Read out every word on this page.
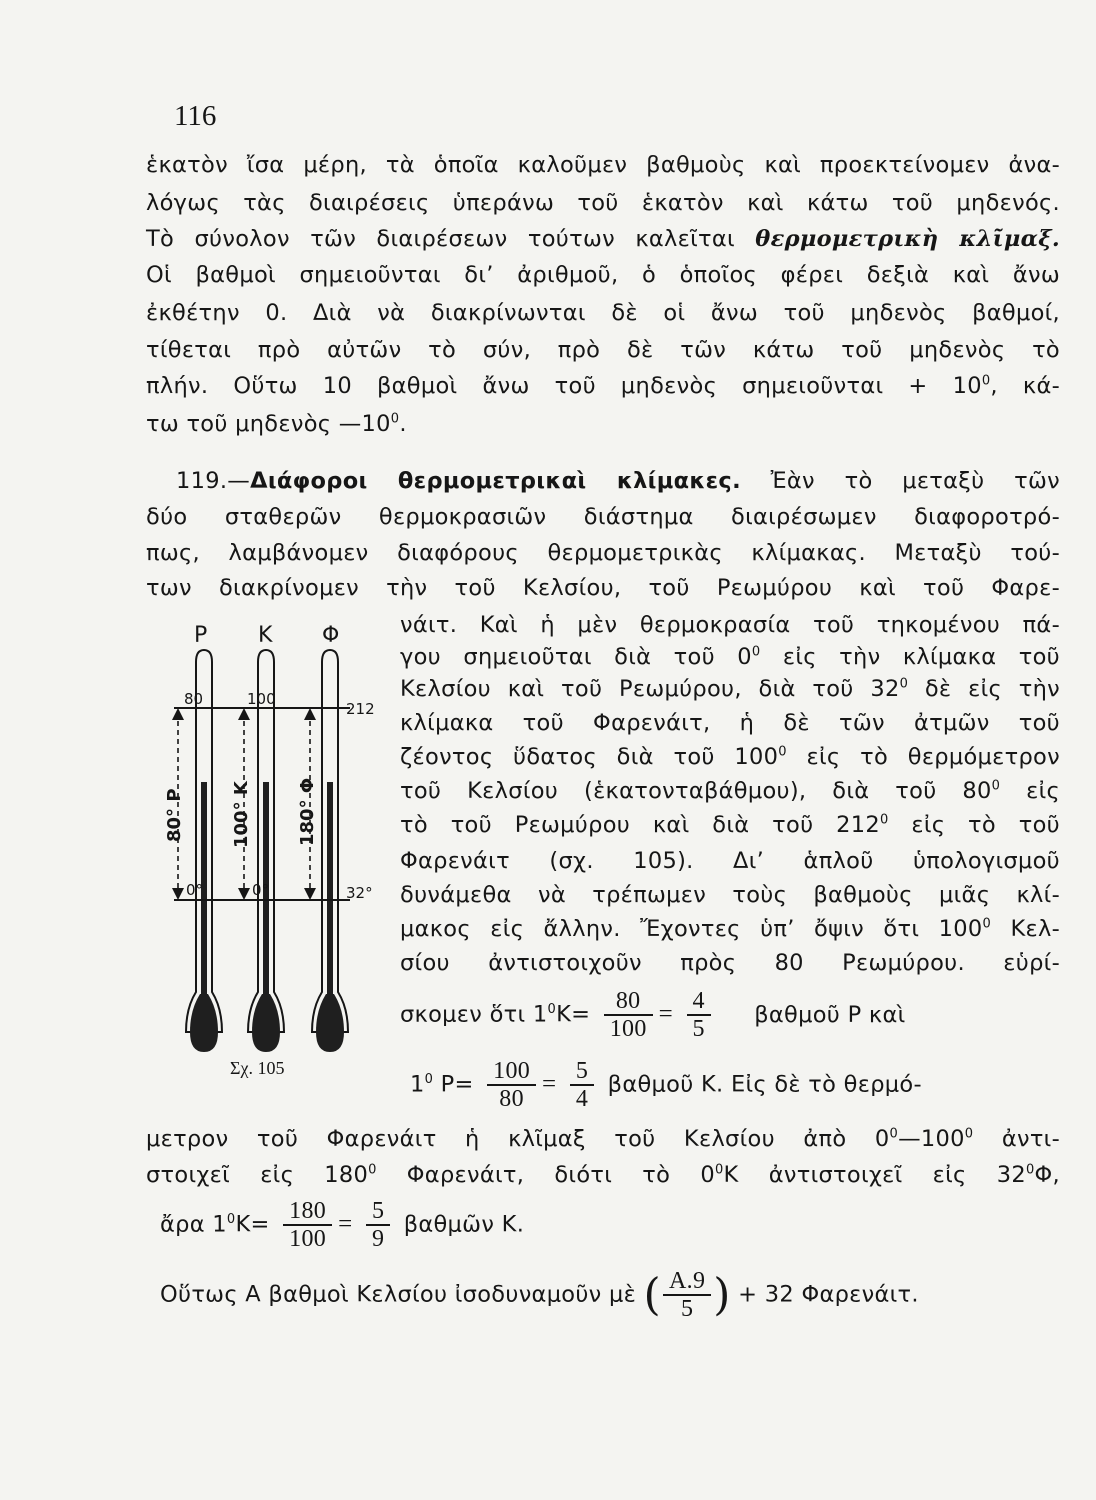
116
ἑκατὸν ἴσα μέρη, τὰ ὁποῖα καλοῦμεν βαθμοὺς καὶ προεκτείνομεν ἀνα-
λόγως τὰς διαιρέσεις ὑπεράνω τοῦ ἑκατὸν καὶ κάτω τοῦ μηδενός.
Τὸ σύνολον τῶν διαιρέσεων τούτων καλεῖται θερμομετρικὴ κλῖμαξ.
Οἱ βαθμοὶ σημειοῦνται δι’ ἀριθμοῦ, ὁ ὁποῖος φέρει δεξιὰ καὶ ἄνω
ἐκθέτην 0. Διὰ νὰ διακρίνωνται δὲ οἱ ἄνω τοῦ μηδενὸς βαθμοί,
τίθεται πρὸ αὐτῶν τὸ σύν, πρὸ δὲ τῶν κάτω τοῦ μηδενὸς τὸ
πλήν. Οὕτω 10 βαθμοὶ ἄνω τοῦ μηδενὸς σημειοῦνται + $10^0$, κά-
τω τοῦ μηδενὸς $—10^0$.
119.—Διάφοροι θερμομετρικαὶ κλίμακες. Ἐὰν τὸ μεταξὺ τῶν
δύο σταθερῶν θερμοκρασιῶν διάστημα διαιρέσωμεν διαφοροτρό-
πως, λαμβάνομεν διαφόρους θερμομετρικὰς κλίμακας. Μεταξὺ τού-
των διακρίνομεν τὴν τοῦ Κελσίου, τοῦ Ρεωμύρου καὶ τοῦ Φαρε-
νάιτ. Καὶ ἡ μὲν θερμοκρασία τοῦ τηκομένου πά-
γου σημειοῦται διὰ τοῦ $0^0$ εἰς τὴν κλίμακα τοῦ
Κελσίου καὶ τοῦ Ρεωμύρου, διὰ τοῦ $32^0$ δὲ εἰς τὴν
κλίμακα τοῦ Φαρενάιτ, ἡ δὲ τῶν ἀτμῶν τοῦ
ζέοντος ὕδατος διὰ τοῦ $100^0$ εἰς τὸ θερμόμετρον
τοῦ Κελσίου (ἑκατονταβάθμου), διὰ τοῦ $80^0$ εἰς
τὸ τοῦ Ρεωμύρου καὶ διὰ τοῦ $212^0$ εἰς τὸ τοῦ
Φαρενάιτ (σχ. 105). Δι’ ἁπλοῦ ὑπολογισμοῦ
δυνάμεθα νὰ τρέπωμεν τοὺς βαθμοὺς μιᾶς κλί-
μακος εἰς ἄλλην. Ἔχοντες ὑπ’ ὄψιν ὅτι $100^0$ Κελ-
σίου ἀντιστοιχοῦν πρὸς 80 Ρεωμύρου. εὑρί-
σκομεν ὅτι $1^0K= \frac{80}{100} = \frac{4}{5}$ βαθμοῦ Ρ καὶ
$1^0$ $P= \frac{100}{80} = \frac{5}{4}$ βαθμοῦ Κ. Εἰς δὲ τὸ θερμό-
μετρον τοῦ Φαρενάιτ ἡ κλῖμαξ τοῦ Κελσίου ἀπὸ $0^0—100^0$ ἀντι-
στοιχεῖ εἰς $180^0$ Φαρενάιτ, διότι τὸ $0^0K$ ἀντιστοιχεῖ εἰς $32^0\Phi$,
ἄρα $1^0K= \frac{180}{100} = \frac{5}{9}$ βαθμῶν Κ.
Οὕτως Α βαθμοὶ Κελσίου ἰσοδυναμοῦν μὲ ( $\frac{A.9}{5}$ ) + 32 Φαρενάιτ.
Ρ Κ Φ
80	100
212
0°	0°	32°
80° Ρ	100° Κ	180° Φ
Σχ. 105
